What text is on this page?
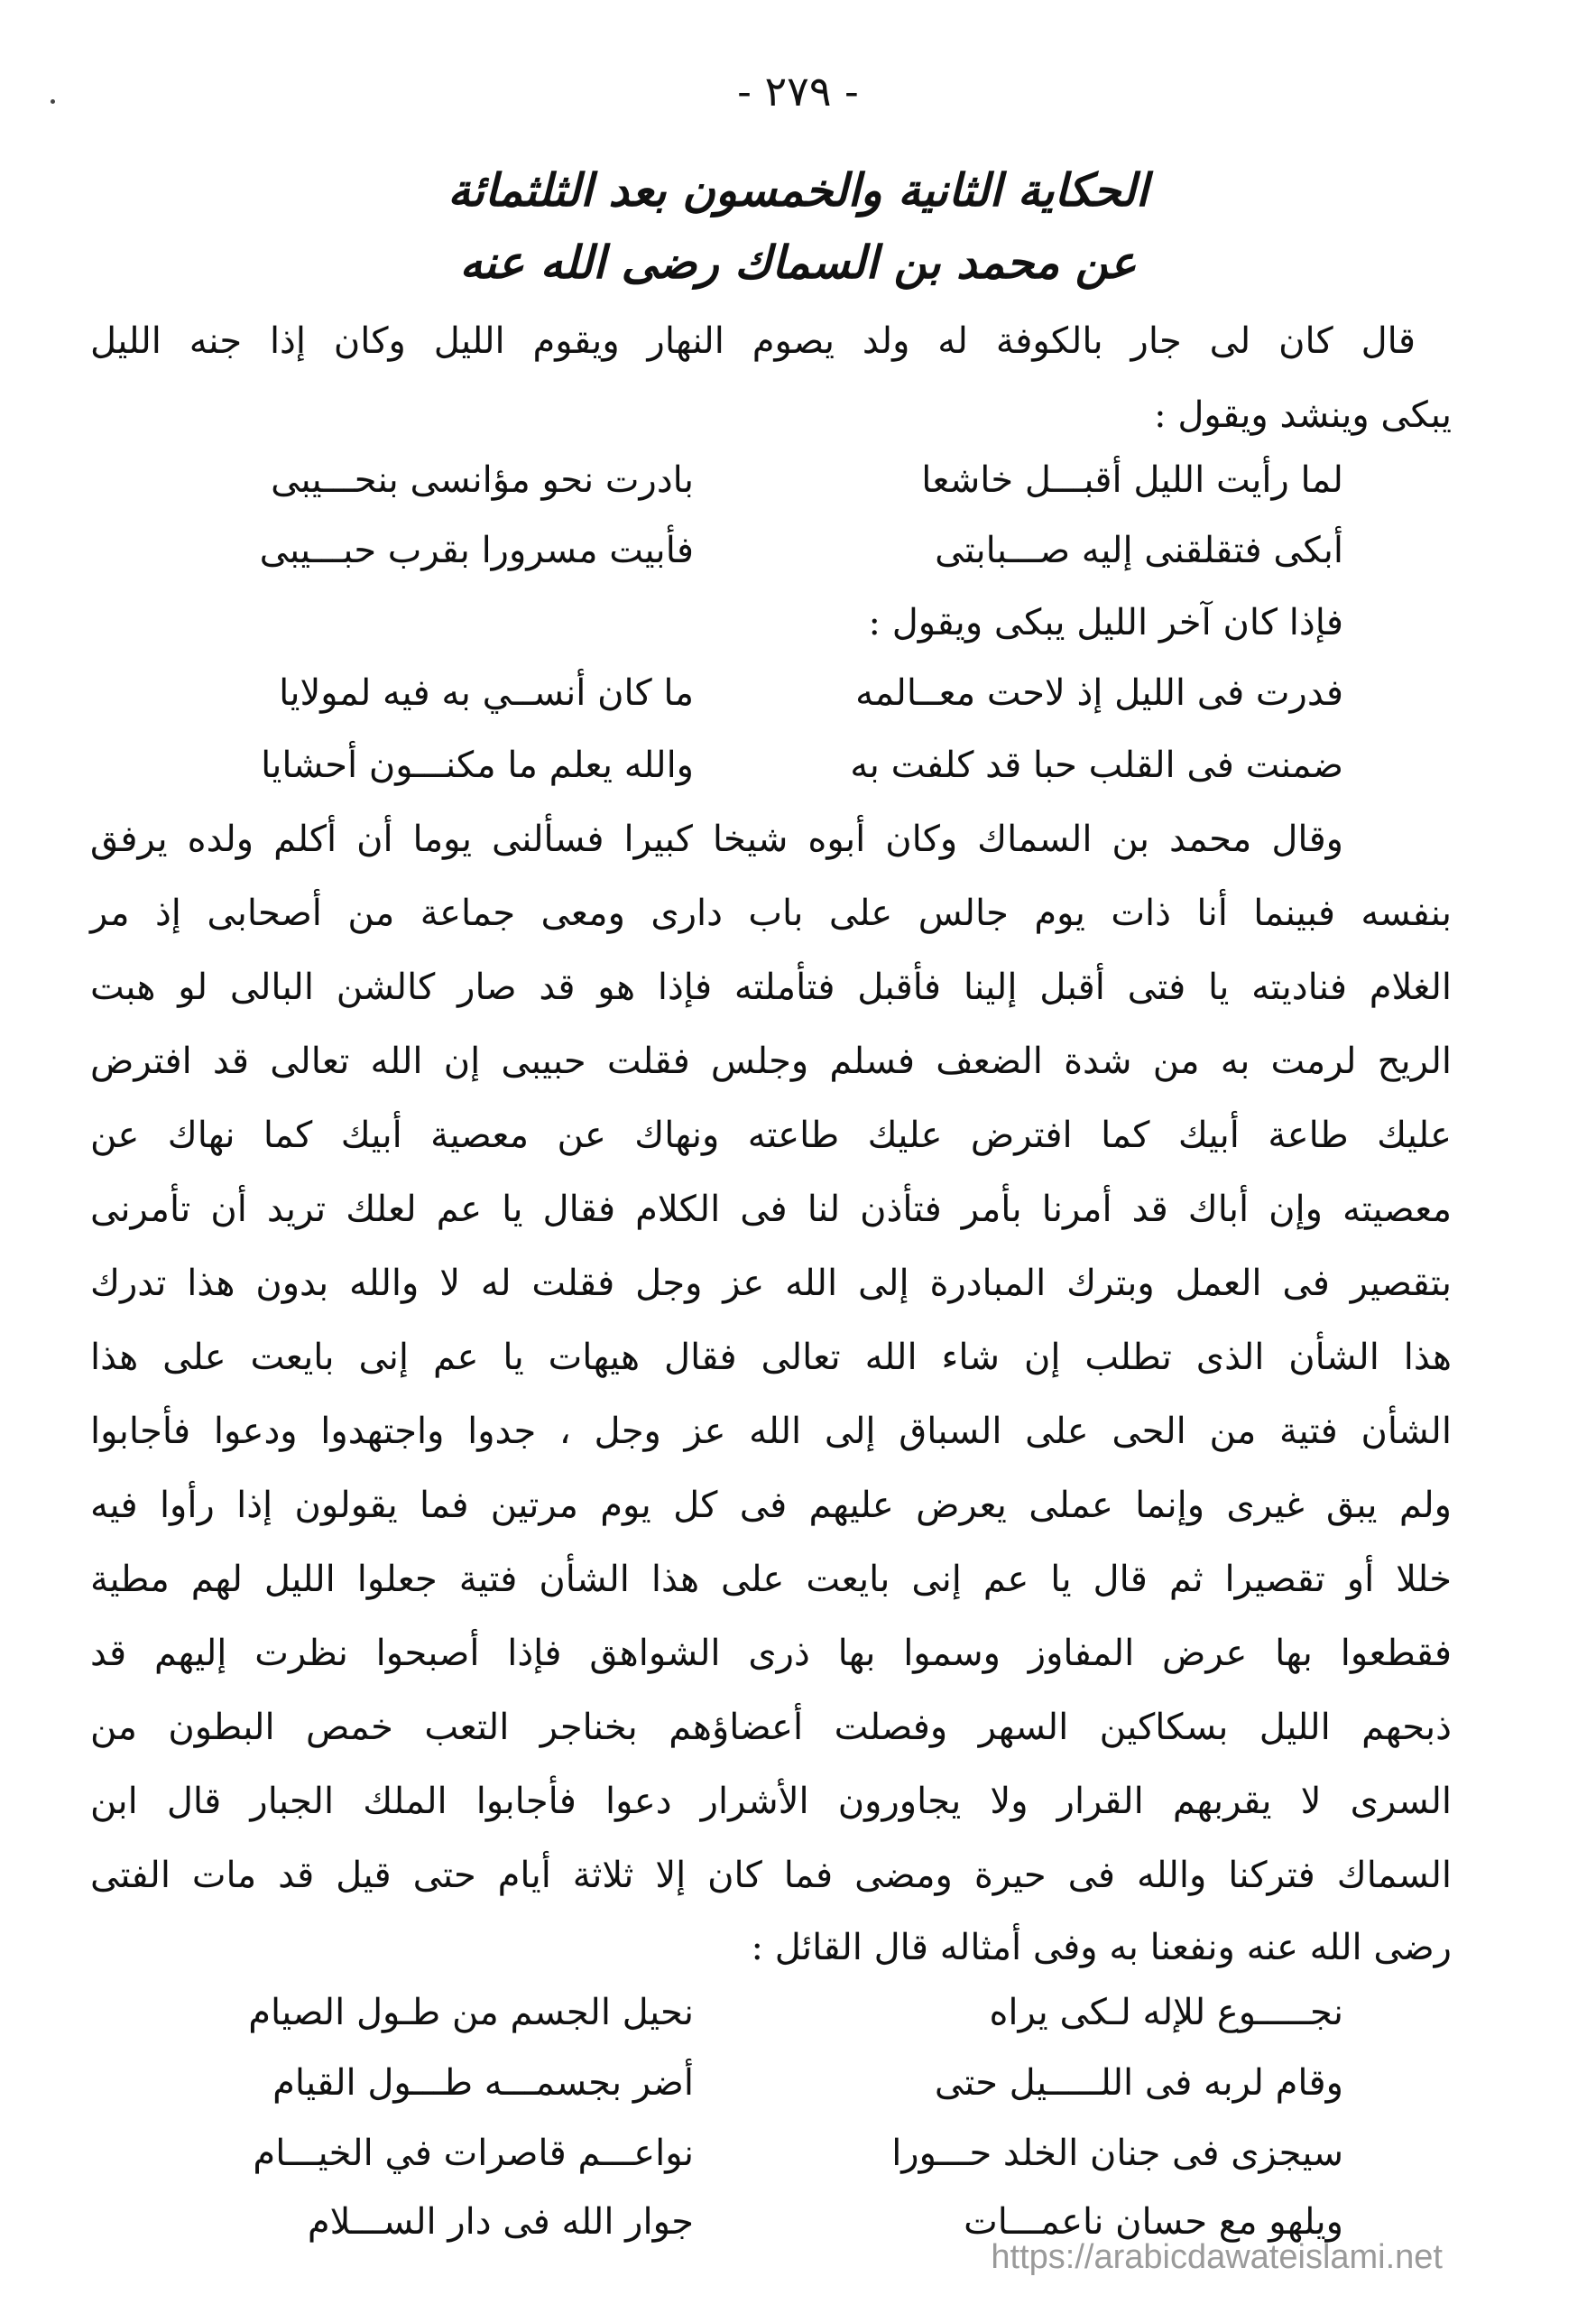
- ٢٧٩ -
الحكاية الثانية والخمسون بعد الثلثمائة
عن محمد بن السماك رضى الله عنه
قال كان لى جار بالكوفة له ولد يصوم النهار ويقوم الليل وكان إذا جنه الليل
يبكى وينشد ويقول :
لما رأيت الليل أقبـــل خاشعا
بادرت نحو مؤانسى بنحـــيبى
أبكى فتقلقنى إليه صـــبابتى
فأبيت مسرورا بقرب حبـــيبى
فإذا كان آخر الليل يبكى ويقول :
فدرت فى الليل إذ لاحت معــالمه
ما كان أنســي به فيه لمولايا
ضمنت فى القلب حبا قد كلفت به
والله يعلم ما مكنـــون أحشايا
وقال محمد بن السماك وكان أبوه شيخا كبيرا فسألنى يوما أن أكلم ولده يرفق
بنفسه فبينما أنا ذات يوم جالس على باب دارى ومعى جماعة من أصحابى إذ مر
الغلام فناديته يا فتى أقبل إلينا فأقبل فتأملته فإذا هو قد صار كالشن البالى لو هبت
الريح لرمت به من شدة الضعف فسلم وجلس فقلت حبيبى إن الله تعالى قد افترض
عليك طاعة أبيك كما افترض عليك طاعته ونهاك عن معصية أبيك كما نهاك عن
معصيته وإن أباك قد أمرنا بأمر فتأذن لنا فى الكلام فقال يا عم لعلك تريد أن تأمرنى
بتقصير فى العمل وبترك المبادرة إلى الله عز وجل فقلت له لا والله بدون هذا تدرك
هذا الشأن الذى تطلب إن شاء الله تعالى فقال هيهات يا عم إنى بايعت على هذا
الشأن فتية من الحى على السباق إلى الله عز وجل ، جدوا واجتهدوا ودعوا فأجابوا
ولم يبق غيرى وإنما عملى يعرض عليهم فى كل يوم مرتين فما يقولون إذا رأوا فيه
خللا أو تقصيرا ثم قال يا عم إنى بايعت على هذا الشأن فتية جعلوا الليل لهم مطية
فقطعوا بها عرض المفاوز وسموا بها ذرى الشواهق فإذا أصبحوا نظرت إليهم قد
ذبحهم الليل بسكاكين السهر وفصلت أعضاؤهم بخناجر التعب خمص البطون من
السرى لا يقربهم القرار ولا يجاورون الأشرار دعوا فأجابوا الملك الجبار قال ابن
السماك فتركنا والله فى حيرة ومضى فما كان إلا ثلاثة أيام حتى قيل قد مات الفتى
رضى الله عنه ونفعنا به وفى أمثاله قال القائل :
نجـــــوع للإله لـكى يراه
نحيل الجسم من طـول الصيام
وقام لربه فى اللـــــيل حتى
أضر بجسمـــه طـــول القيام
سيجزى فى جنان الخلد حـــورا
نواعـــم قاصرات في الخيـــام
ويلهو مع حسان ناعمـــات
جوار الله فى دار الســـلام
https://arabicdawateislami.net
